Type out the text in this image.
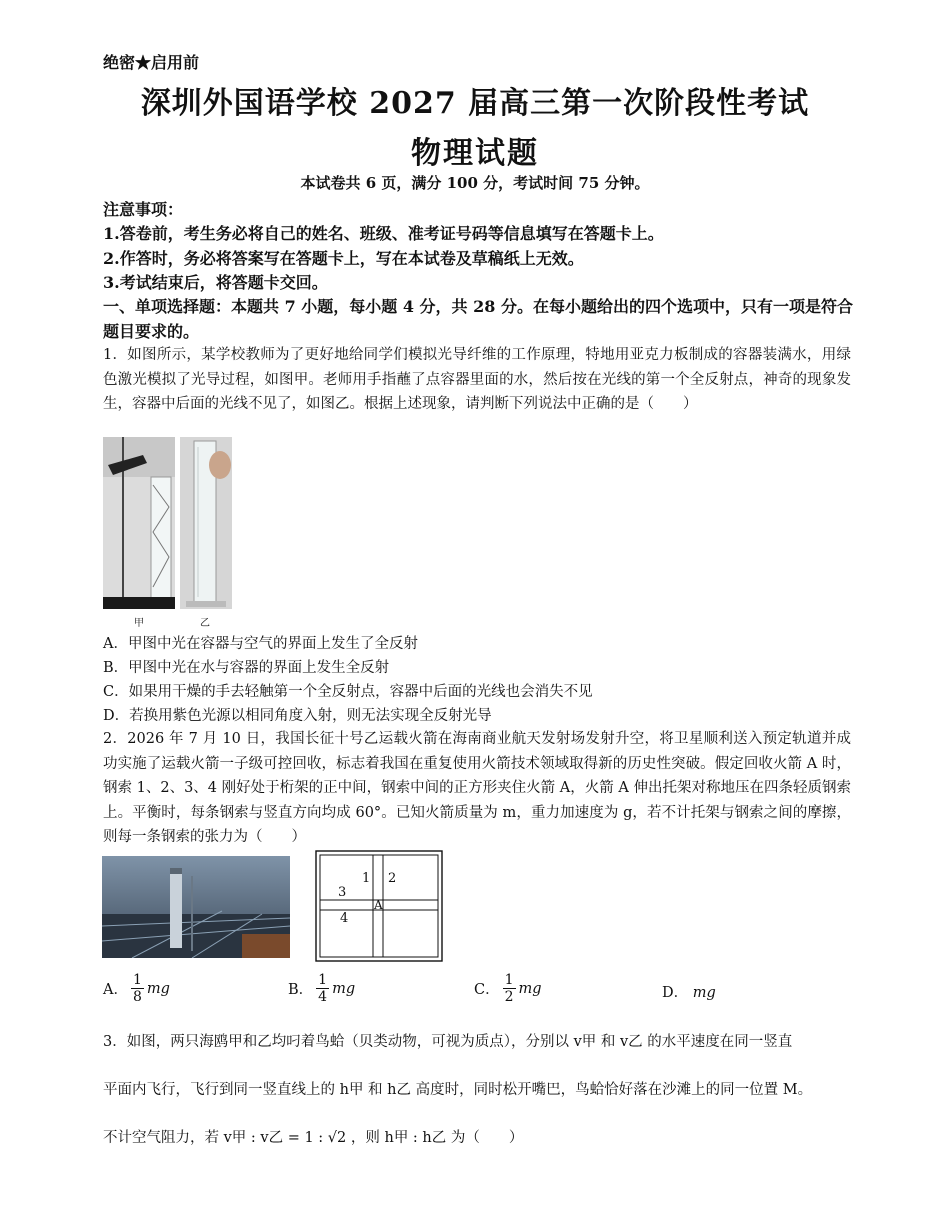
绝密★启用前
深圳外国语学校 2027 届高三第一次阶段性考试
物理试题
本试卷共 6 页，满分 100 分，考试时间 75 分钟。
注意事项：
1.答卷前，考生务必将自己的姓名、班级、准考证号码等信息填写在答题卡上。
2.作答时，务必将答案写在答题卡上，写在本试卷及草稿纸上无效。
3.考试结束后，将答题卡交回。
一、单项选择题：本题共 7 小题，每小题 4 分，共 28 分。在每小题给出的四个选项中，只有一项是符合题目要求的。
1．如图所示，某学校教师为了更好地给同学们模拟光导纤维的工作原理，特地用亚克力板制成的容器装满水，用绿色激光模拟了光导过程，如图甲。老师用手指蘸了点容器里面的水，然后按在光线的第一个全反射点，神奇的现象发生，容器中后面的光线不见了，如图乙。根据上述现象，请判断下列说法中正确的是（　　）
甲	乙
A．甲图中光在容器与空气的界面上发生了全反射
B．甲图中光在水与容器的界面上发生全反射
C．如果用干燥的手去轻触第一个全反射点，容器中后面的光线也会消失不见
D．若换用紫色光源以相同角度入射，则无法实现全反射光导
2．2026 年 7 月 10 日，我国长征十号乙运载火箭在海南商业航天发射场发射升空，将卫星顺利送入预定轨道并成功实施了运载火箭一子级可控回收，标志着我国在重复使用火箭技术领域取得新的历史性突破。假定回收火箭 A 时，钢索 1、2、3、4 刚好处于桁架的正中间，钢索中间的正方形夹住火箭 A，火箭 A 伸出托架对称地压在四条轻质钢索上。平衡时，每条钢索与竖直方向均成 60°。已知火箭质量为 m，重力加速度为 g，若不计托架与钢索之间的摩擦，则每一条钢索的张力为（　　）
1 2
3
4
A
A． $\frac{1}{8}$ mg	B． $\frac{1}{4}$ mg	C． $\frac{1}{2}$ mg	D． mg
3．如图，两只海鸥甲和乙均叼着鸟蛤（贝类动物，可视为质点），分别以 v甲 和 v乙 的水平速度在同一竖直
平面内飞行，飞行到同一竖直线上的 h甲 和 h乙 高度时，同时松开嘴巴，鸟蛤恰好落在沙滩上的同一位置 M。
不计空气阻力，若 v甲 : v乙 = 1 : √2 ，则 h甲 : h乙 为（　　）
